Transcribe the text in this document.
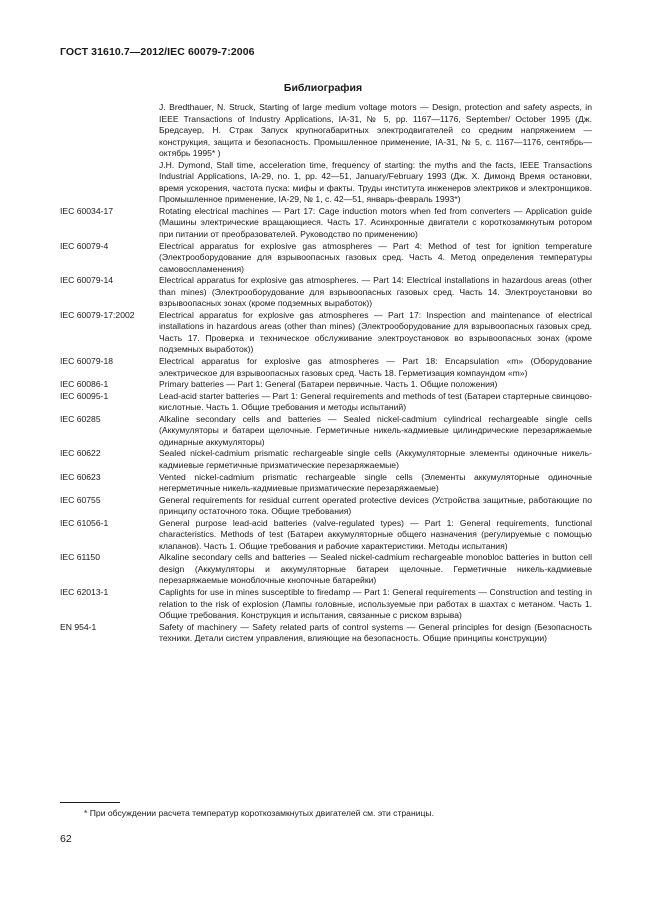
ГОСТ 31610.7—2012/IEC 60079-7:2006
Библиография
J. Bredthauer, N. Struck, Starting of large medium voltage motors — Design, protection and safety aspects, in IEEE Transactions of Industry Applications, IA-31, № 5, pp. 1167—1176, September/ October 1995 (Дж. Бредсауер, Н. Страк Запуск крупногабаритных электродвигателей со средним напряжением — конструкция, защита и безопасность. Промышленное применение, IA-31, № 5, с. 1167—1176, сентябрь—октябрь 1995* )
J.H. Dymond, Stall time, acceleration time, frequency of starting: the myths and the facts, IEEE Transactions Industrial Applications, IA-29, no. 1, pp. 42—51, January/February 1993 (Дж. X. Димонд Время остановки, время ускорения, частота пуска: мифы и факты. Труды института инженеров электриков и электронщиков. Промышленное применение, IA-29, № 1, с. 42—51, январь-февраль 1993*)
IEC 60034-17	Rotating electrical machines — Part 17: Cage induction motors when fed from converters — Application guide (Машины электрические вращающиеся. Часть 17. Асинхронные двигатели с короткозамкнутым ротором при питании от преобразователей. Руководство по применению)
IEC 60079-4	Electrical apparatus for explosive gas atmospheres — Part 4: Method of test for ignition temperature (Электрооборудование для взрывоопасных газовых сред. Часть 4. Метод определения температуры самовоспламенения)
IEC 60079-14	Electrical apparatus for explosive gas atmospheres. — Part 14: Electrical installations in hazardous areas (other than mines) (Электрооборудование для взрывоопасных газовых сред. Часть 14. Электроустановки во взрывоопасных зонах (кроме подземных выработок))
IEC 60079-17:2002	Electrical apparatus for explosive gas atmospheres — Part 17: Inspection and maintenance of electrical installations in hazardous areas (other than mines) (Электрооборудование для взрывоопасных газовых сред. Часть 17. Проверка и техническое обслуживание электроустановок во взрывоопасных зонах (кроме подземных выработок))
IEC 60079-18	Electrical apparatus for explosive gas atmospheres — Part 18: Encapsulation «m» (Оборудование электрическое для взрывоопасных газовых сред. Часть 18. Герметизация компаундом «m»)
IEC 60086-1	Primary batteries — Part 1: General (Батареи первичные. Часть 1. Общие положения)
IEC 60095-1	Lead-acid starter batteries — Part 1: General requirements and methods of test (Батареи стартерные свинцово-кислотные. Часть 1. Общие требования и методы испытаний)
IEC 60285	Alkaline secondary cells and batteries — Sealed nickel-cadmium cylindrical rechargeable single cells (Аккумуляторы и батареи щелочные. Герметичные никель-кадмиевые цилиндрические перезаряжаемые одинарные аккумуляторы)
IEC 60622	Sealed nickel-cadmium prismatic rechargeable single cells (Аккумуляторные элементы одиночные никель-кадмиевые герметичные призматические перезаряжаемые)
IEC 60623	Vented nickel-cadmium prismatic rechargeable single cells (Элементы аккумуляторные одиночные негерметичные никель-кадмиевые призматические перезаряжаемые)
IEC 60755	General requirements for residual current operated protective devices (Устройства защитные, работающие по принципу остаточного тока. Общие требования)
IEC 61056-1	General purpose lead-acid batteries (valve-regulated types) — Part 1: General requirements, functional characteristics. Methods of test (Батареи аккумуляторные общего назначения (регулируемые с помощью клапанов). Часть 1. Общие требования и рабочие характеристики. Методы испытания)
IEC 61150	Alkaline secondary cells and batteries — Sealed nickel-cadmium rechargeable monobloc batteries in button cell design (Аккумуляторы и аккумуляторные батареи щелочные. Герметичные никель-кадмиевые перезаряжаемые моноблочные кнопочные батарейки)
IEC 62013-1	Caplights for use in mines susceptible to firedamp — Part 1: General requirements — Construction and testing in relation to the risk of explosion (Лампы головные, используемые при работах в шахтах с метаном. Часть 1. Общие требования. Конструкция и испытания, связанные с риском взрыва)
EN 954-1	Safety of machinery — Safety related parts of control systems — General principles for design (Безопасность техники. Детали систем управления, влияющие на безопасность. Общие принципы конструкции)
* При обсуждении расчета температур короткозамкнутых двигателей см. эти страницы.
62
